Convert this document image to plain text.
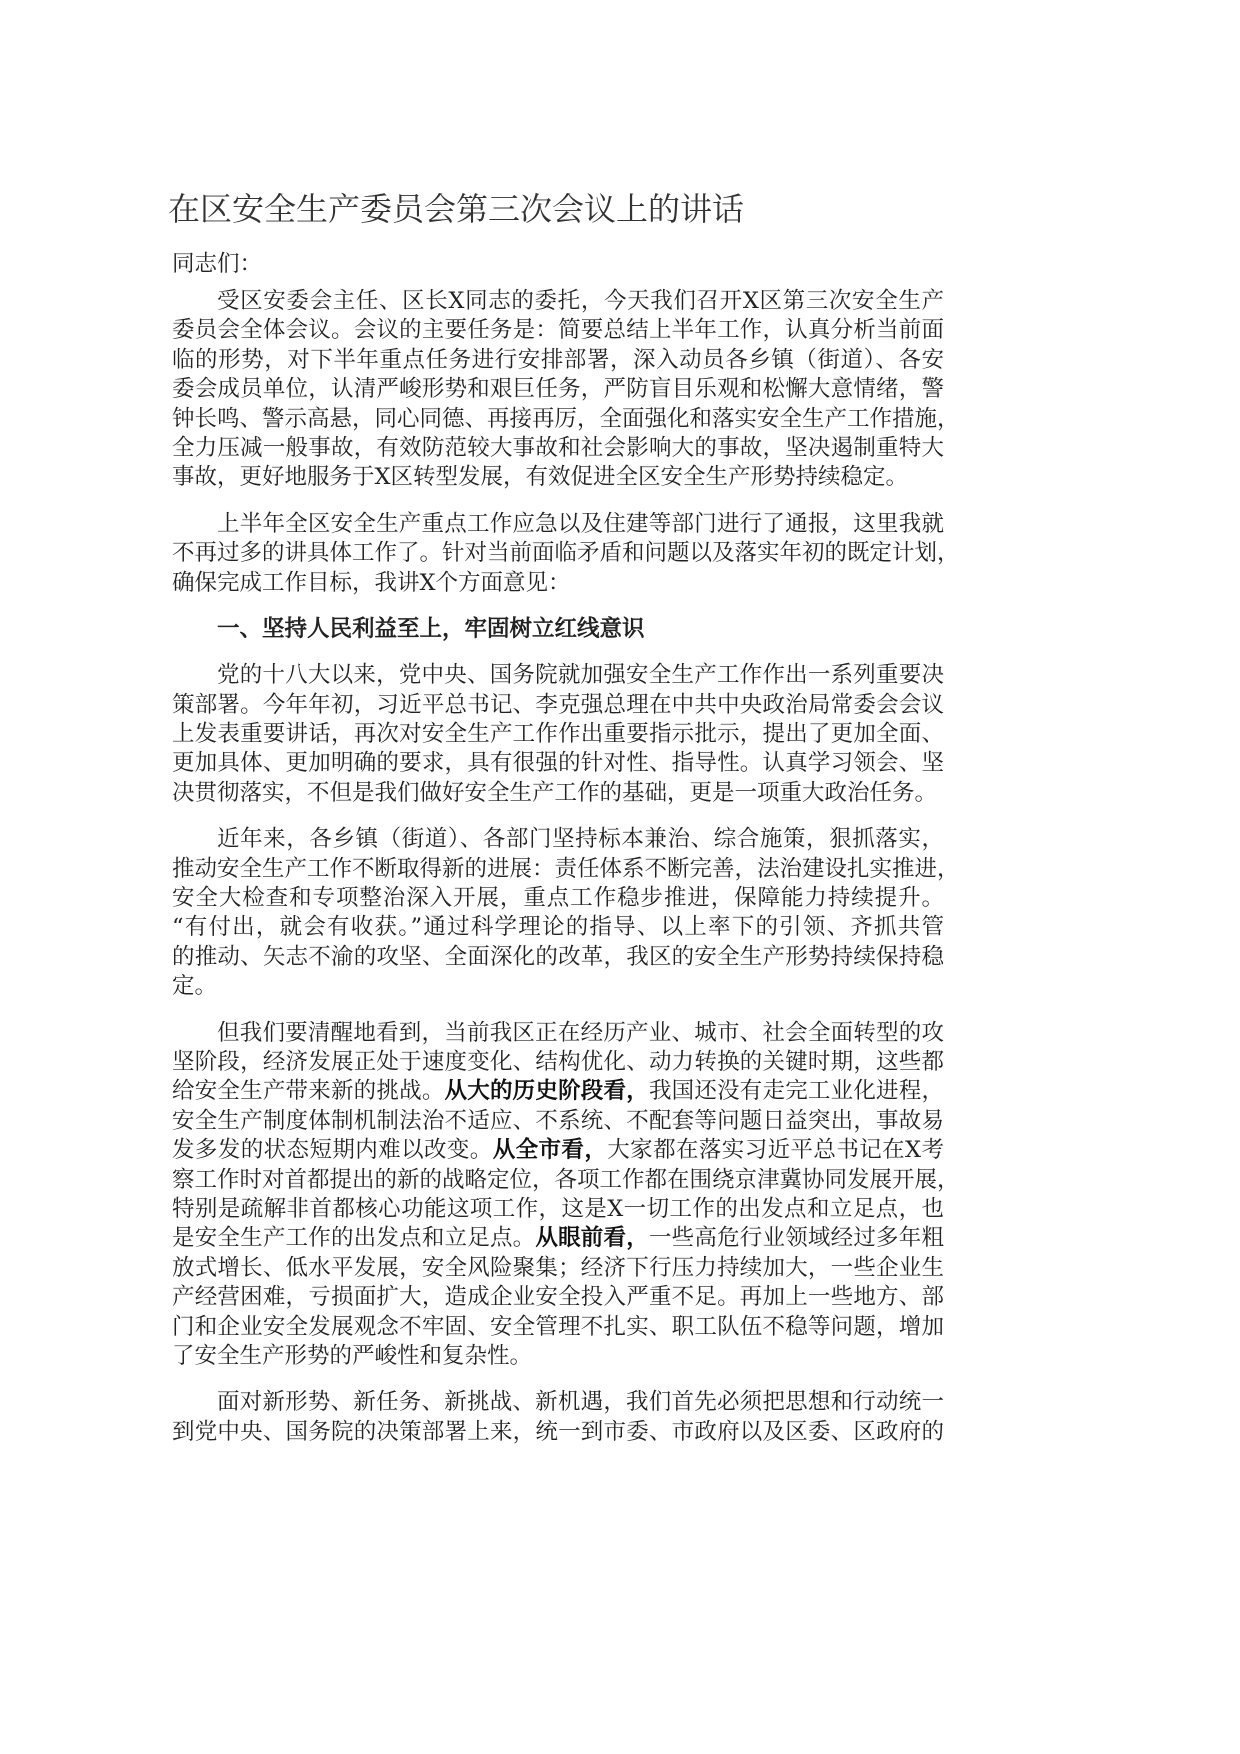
在区安全生产委员会第三次会议上的讲话
同志们：
受区安委会主任、区长X同志的委托，今天我们召开X区第三次安全生产
委员会全体会议。会议的主要任务是：简要总结上半年工作，认真分析当前面
临的形势，对下半年重点任务进行安排部署，深入动员各乡镇（街道）、各安
委会成员单位，认清严峻形势和艰巨任务，严防盲目乐观和松懈大意情绪，警
钟长鸣、警示高悬，同心同德、再接再厉，全面强化和落实安全生产工作措施，
全力压减一般事故，有效防范较大事故和社会影响大的事故，坚决遏制重特大
事故，更好地服务于X区转型发展，有效促进全区安全生产形势持续稳定。
上半年全区安全生产重点工作应急以及住建等部门进行了通报，这里我就
不再过多的讲具体工作了。针对当前面临矛盾和问题以及落实年初的既定计划，
确保完成工作目标，我讲X个方面意见：
一、坚持人民利益至上，牢固树立红线意识
党的十八大以来，党中央、国务院就加强安全生产工作作出一系列重要决
策部署。今年年初，习近平总书记、李克强总理在中共中央政治局常委会会议
上发表重要讲话，再次对安全生产工作作出重要指示批示，提出了更加全面、
更加具体、更加明确的要求，具有很强的针对性、指导性。认真学习领会、坚
决贯彻落实，不但是我们做好安全生产工作的基础，更是一项重大政治任务。
近年来，各乡镇（街道）、各部门坚持标本兼治、综合施策，狠抓落实，
推动安全生产工作不断取得新的进展：责任体系不断完善，法治建设扎实推进，
安全大检查和专项整治深入开展，重点工作稳步推进，保障能力持续提升。
“有付出，就会有收获。”通过科学理论的指导、以上率下的引领、齐抓共管
的推动、矢志不渝的攻坚、全面深化的改革，我区的安全生产形势持续保持稳
定。
但我们要清醒地看到，当前我区正在经历产业、城市、社会全面转型的攻
坚阶段，经济发展正处于速度变化、结构优化、动力转换的关键时期，这些都
给安全生产带来新的挑战。从大的历史阶段看，我国还没有走完工业化进程，
安全生产制度体制机制法治不适应、不系统、不配套等问题日益突出，事故易
发多发的状态短期内难以改变。从全市看，大家都在落实习近平总书记在X考
察工作时对首都提出的新的战略定位，各项工作都在围绕京津冀协同发展开展，
特别是疏解非首都核心功能这项工作，这是X一切工作的出发点和立足点，也
是安全生产工作的出发点和立足点。从眼前看，一些高危行业领域经过多年粗
放式增长、低水平发展，安全风险聚集；经济下行压力持续加大，一些企业生
产经营困难，亏损面扩大，造成企业安全投入严重不足。再加上一些地方、部
门和企业安全发展观念不牢固、安全管理不扎实、职工队伍不稳等问题，增加
了安全生产形势的严峻性和复杂性。
面对新形势、新任务、新挑战、新机遇，我们首先必须把思想和行动统一
到党中央、国务院的决策部署上来，统一到市委、市政府以及区委、区政府的
